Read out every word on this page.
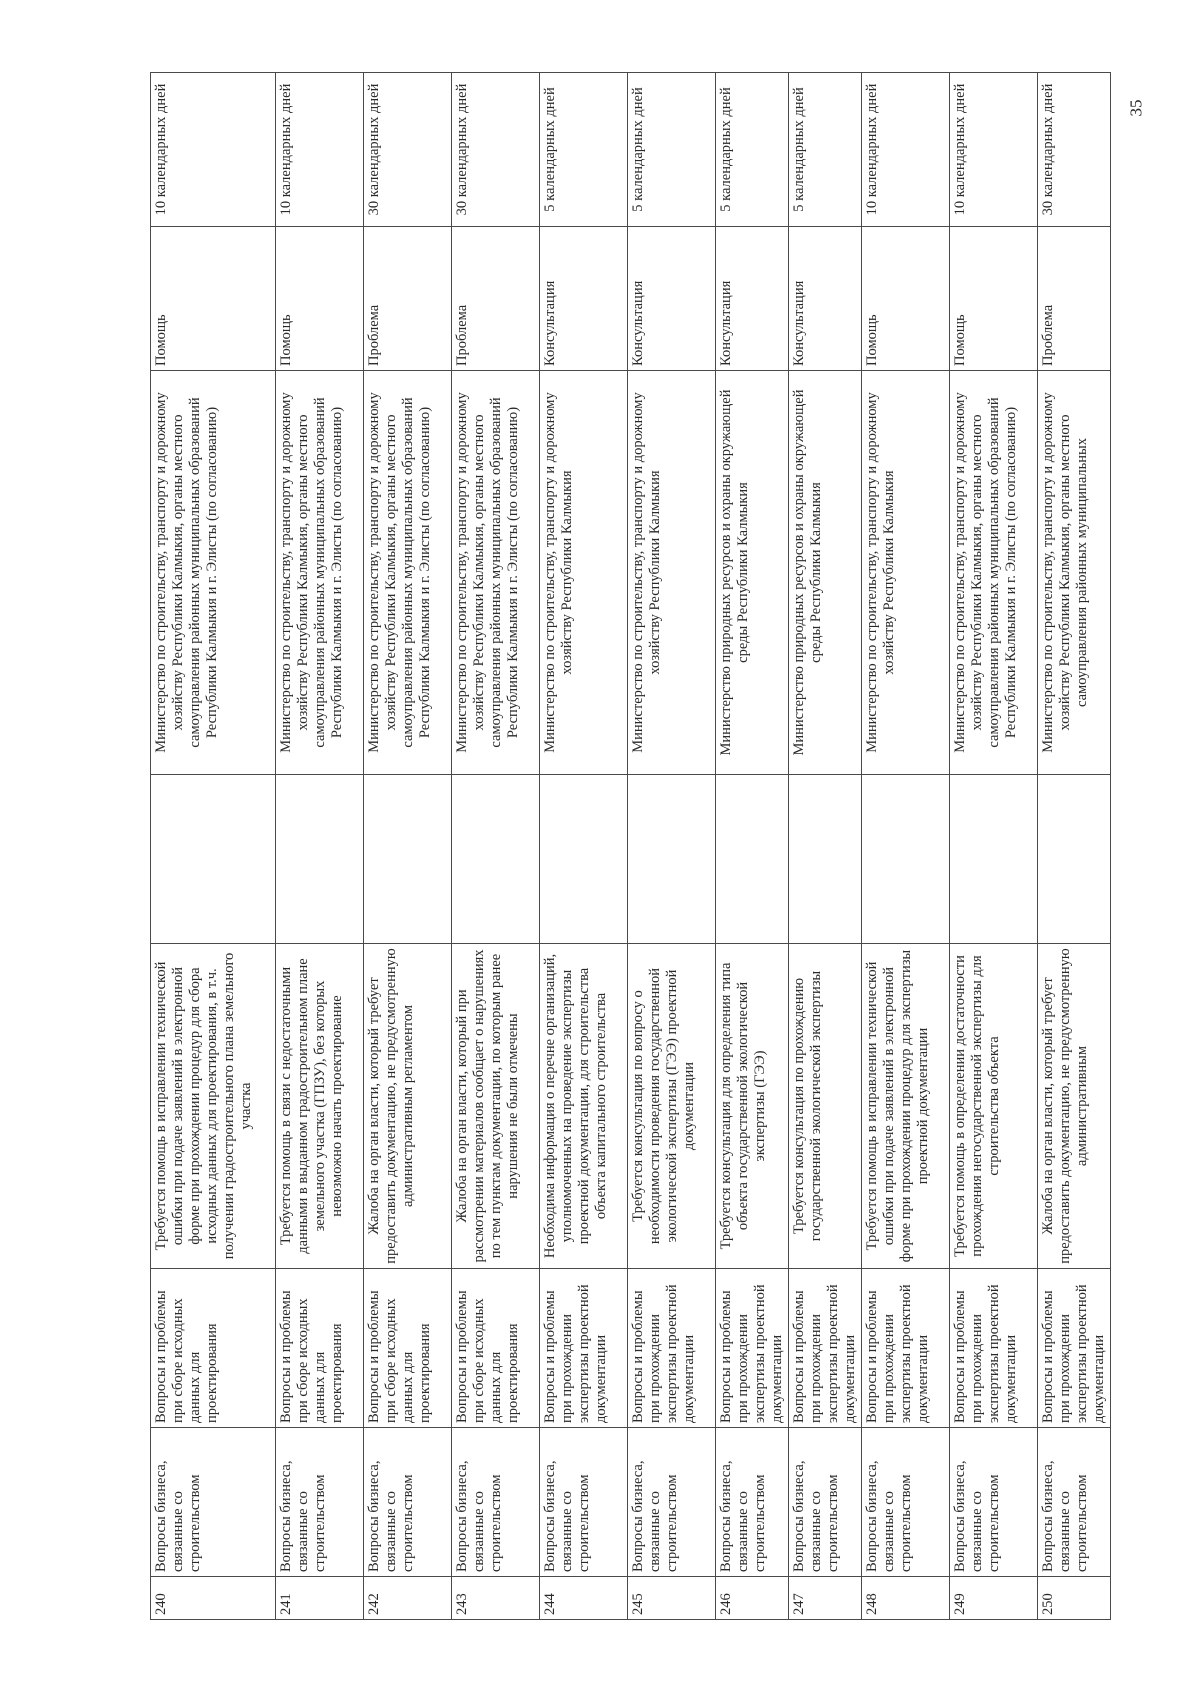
240	Вопросы бизнеса, связанные со строительством	Вопросы и проблемы при сборе исходных данных для проектирования	Требуется помощь в исправлении технической ошибки при подаче заявлений в электронной форме при прохождении процедур для сбора исходных данных для проектирования, в т.ч. получении градостроительного плана земельного участка		Министерство по строительству, транспорту и дорожному хозяйству Республики Калмыкия, органы местного самоуправления районных муниципальных образований Республики Калмыкия и г. Элисты (по согласованию)	Помощь	10 календарных дней
241	Вопросы бизнеса, связанные со строительством	Вопросы и проблемы при сборе исходных данных для проектирования	Требуется помощь в связи с недостаточными данными в выданном градостроительном плане земельного участка (ГПЗУ), без которых невозможно начать проектирование		Министерство по строительству, транспорту и дорожному хозяйству Республики Калмыкия, органы местного самоуправления районных муниципальных образований Республики Калмыкия и г. Элисты (по согласованию)	Помощь	10 календарных дней
242	Вопросы бизнеса, связанные со строительством	Вопросы и проблемы при сборе исходных данных для проектирования	Жалоба на орган власти, который требует предоставить документацию, не предусмотренную административным регламентом		Министерство по строительству, транспорту и дорожному хозяйству Республики Калмыкия, органы местного самоуправления районных муниципальных образований Республики Калмыкия и г. Элисты (по согласованию)	Проблема	30 календарных дней
243	Вопросы бизнеса, связанные со строительством	Вопросы и проблемы при сборе исходных данных для проектирования	Жалоба на орган власти, который при рассмотрении материалов сообщает о нарушениях по тем пунктам документации, по которым ранее нарушения не были отмечены		Министерство по строительству, транспорту и дорожному хозяйству Республики Калмыкия, органы местного самоуправления районных муниципальных образований Республики Калмыкия и г. Элисты (по согласованию)	Проблема	30 календарных дней
244	Вопросы бизнеса, связанные со строительством	Вопросы и проблемы при прохождении экспертизы проектной документации	Необходима информация о перечне организаций, уполномоченных на проведение экспертизы проектной документации, для строительства объекта капитального строительства		Министерство по строительству, транспорту и дорожному хозяйству Республики Калмыкия	Консультация	5 календарных дней
245	Вопросы бизнеса, связанные со строительством	Вопросы и проблемы при прохождении экспертизы проектной документации	Требуется консультация по вопросу о необходимости проведения государственной экологической экспертизы (ГЭЭ) проектной документации		Министерство по строительству, транспорту и дорожному хозяйству Республики Калмыкия	Консультация	5 календарных дней
246	Вопросы бизнеса, связанные со строительством	Вопросы и проблемы при прохождении экспертизы проектной документации	Требуется консультация для определения типа объекта государственной экологической экспертизы (ГЭЭ)		Министерство природных ресурсов и охраны окружающей среды Республики Калмыкия	Консультация	5 календарных дней
247	Вопросы бизнеса, связанные со строительством	Вопросы и проблемы при прохождении экспертизы проектной документации	Требуется консультация по прохождению государственной экологической экспертизы		Министерство природных ресурсов и охраны окружающей среды Республики Калмыкия	Консультация	5 календарных дней
248	Вопросы бизнеса, связанные со строительством	Вопросы и проблемы при прохождении экспертизы проектной документации	Требуется помощь в исправлении технической ошибки при подаче заявлений в электронной форме при прохождении процедур для экспертизы проектной документации		Министерство по строительству, транспорту и дорожному хозяйству Республики Калмыкия	Помощь	10 календарных дней
249	Вопросы бизнеса, связанные со строительством	Вопросы и проблемы при прохождении экспертизы проектной документации	Требуется помощь в определении достаточности прохождения негосударственной экспертизы для строительства объекта		Министерство по строительству, транспорту и дорожному хозяйству Республики Калмыкия, органы местного самоуправления районных муниципальных образований Республики Калмыкия и г. Элисты (по согласованию)	Помощь	10 календарных дней
250	Вопросы бизнеса, связанные со строительством	Вопросы и проблемы при прохождении экспертизы проектной документации	Жалоба на орган власти, который требует предоставить документацию, не предусмотренную административным		Министерство по строительству, транспорту и дорожному хозяйству Республики Калмыкия, органы местного самоуправления районных муниципальных	Проблема	30 календарных дней	35
